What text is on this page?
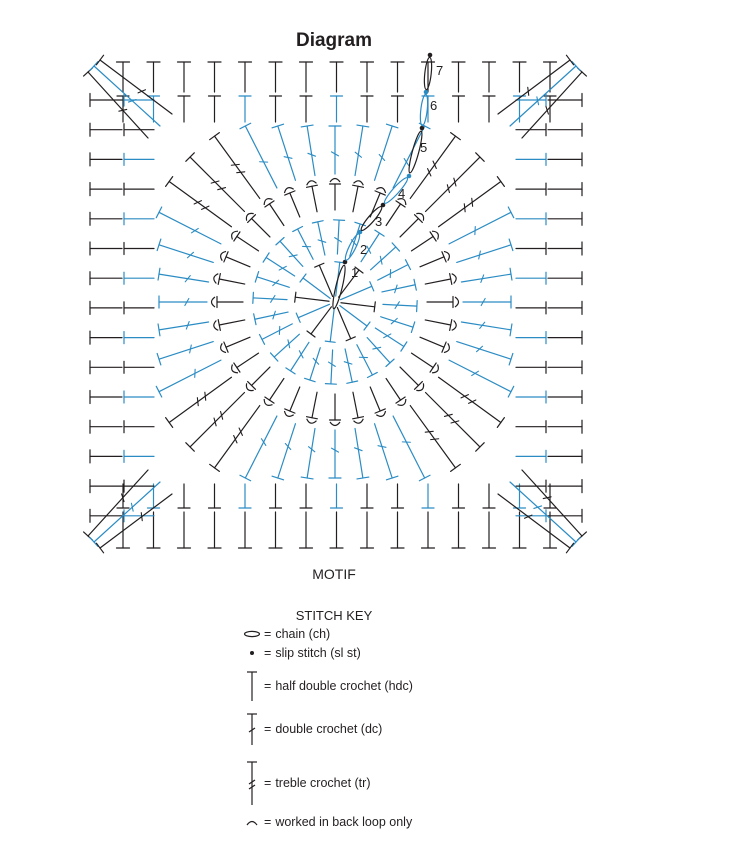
Diagram
1
2
3
4
5
6
7
MOTIF
STITCH KEY
= chain (ch)
= slip stitch (sl st)
= half double crochet (hdc)
= double crochet (dc)
= treble crochet (tr)
= worked in back loop only
